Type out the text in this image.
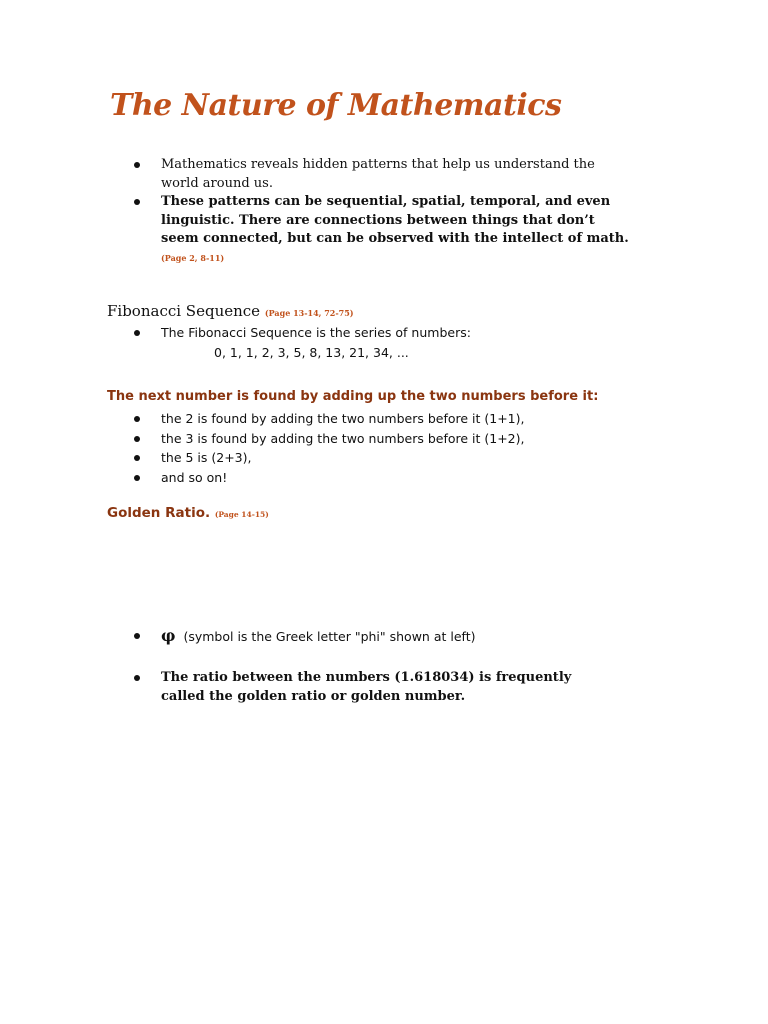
The Nature of Mathematics
Mathematics reveals hidden patterns that help us understand the world around us.
These patterns can be sequential, spatial, temporal, and even linguistic. There are connections between things that don’t seem connected, but can be observed with the intellect of math. (Page 2, 8-11)
Fibonacci Sequence (Page 13-14, 72-75)
The Fibonacci Sequence is the series of numbers:
0, 1, 1, 2, 3, 5, 8, 13, 21, 34, ...
The next number is found by adding up the two numbers before it:
the 2 is found by adding the two numbers before it (1+1),
the 3 is found by adding the two numbers before it (1+2),
the 5 is (2+3),
and so on!
Golden Ratio. (Page 14-15)
φ (symbol is the Greek letter "phi" shown at left)
The ratio between the numbers (1.618034) is frequently called the golden ratio or golden number.
